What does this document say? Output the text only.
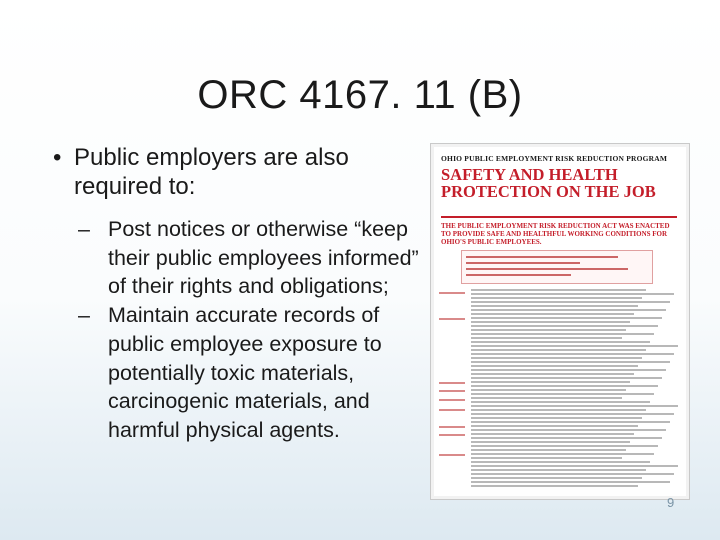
ORC 4167. 11 (B)
• Public employers are also required to:
– Post notices or otherwise “keep their public employees informed” of their rights and obligations;
– Maintain accurate records of public employee exposure to potentially toxic materials, carcinogenic materials, and harmful physical agents.
OHIO PUBLIC EMPLOYMENT RISK REDUCTION PROGRAM
SAFETY AND HEALTH
PROTECTION ON THE JOB
THE PUBLIC EMPLOYMENT RISK REDUCTION ACT WAS ENACTED TO PROVIDE SAFE AND HEALTHFUL WORKING CONDITIONS FOR OHIO'S PUBLIC EMPLOYEES.
9
